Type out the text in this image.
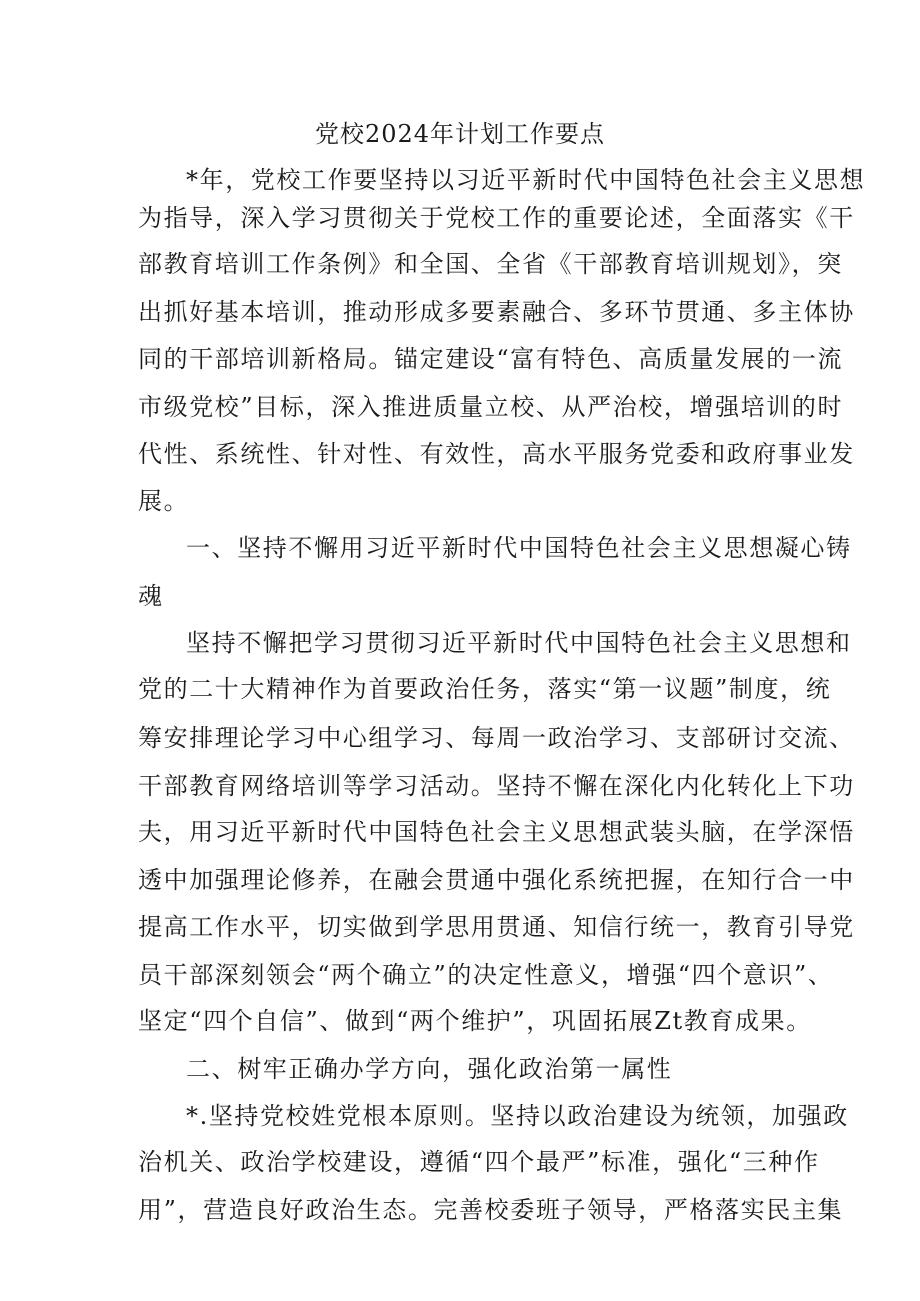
党校2024年计划工作要点
*年，党校工作要坚持以习近平新时代中国特色社会主义思想
为指导，深入学习贯彻关于党校工作的重要论述，全面落实《干
部教育培训工作条例》和全国、全省《干部教育培训规划》，突
出抓好基本培训，推动形成多要素融合、多环节贯通、多主体协
同的干部培训新格局。锚定建设“富有特色、高质量发展的一流
市级党校”目标，深入推进质量立校、从严治校，增强培训的时
代性、系统性、针对性、有效性，高水平服务党委和政府事业发
展。
一、坚持不懈用习近平新时代中国特色社会主义思想凝心铸
魂
坚持不懈把学习贯彻习近平新时代中国特色社会主义思想和
党的二十大精神作为首要政治任务，落实“第一议题”制度，统
筹安排理论学习中心组学习、每周一政治学习、支部研讨交流、
干部教育网络培训等学习活动。坚持不懈在深化内化转化上下功
夫，用习近平新时代中国特色社会主义思想武装头脑，在学深悟
透中加强理论修养，在融会贯通中强化系统把握，在知行合一中
提高工作水平，切实做到学思用贯通、知信行统一，教育引导党
员干部深刻领会“两个确立”的决定性意义，增强“四个意识”、
坚定“四个自信”、做到“两个维护”，巩固拓展Zt教育成果。
二、树牢正确办学方向，强化政治第一属性
*.坚持党校姓党根本原则。坚持以政治建设为统领，加强政
治机关、政治学校建设，遵循“四个最严”标准，强化“三种作
用”，营造良好政治生态。完善校委班子领导，严格落实民主集
